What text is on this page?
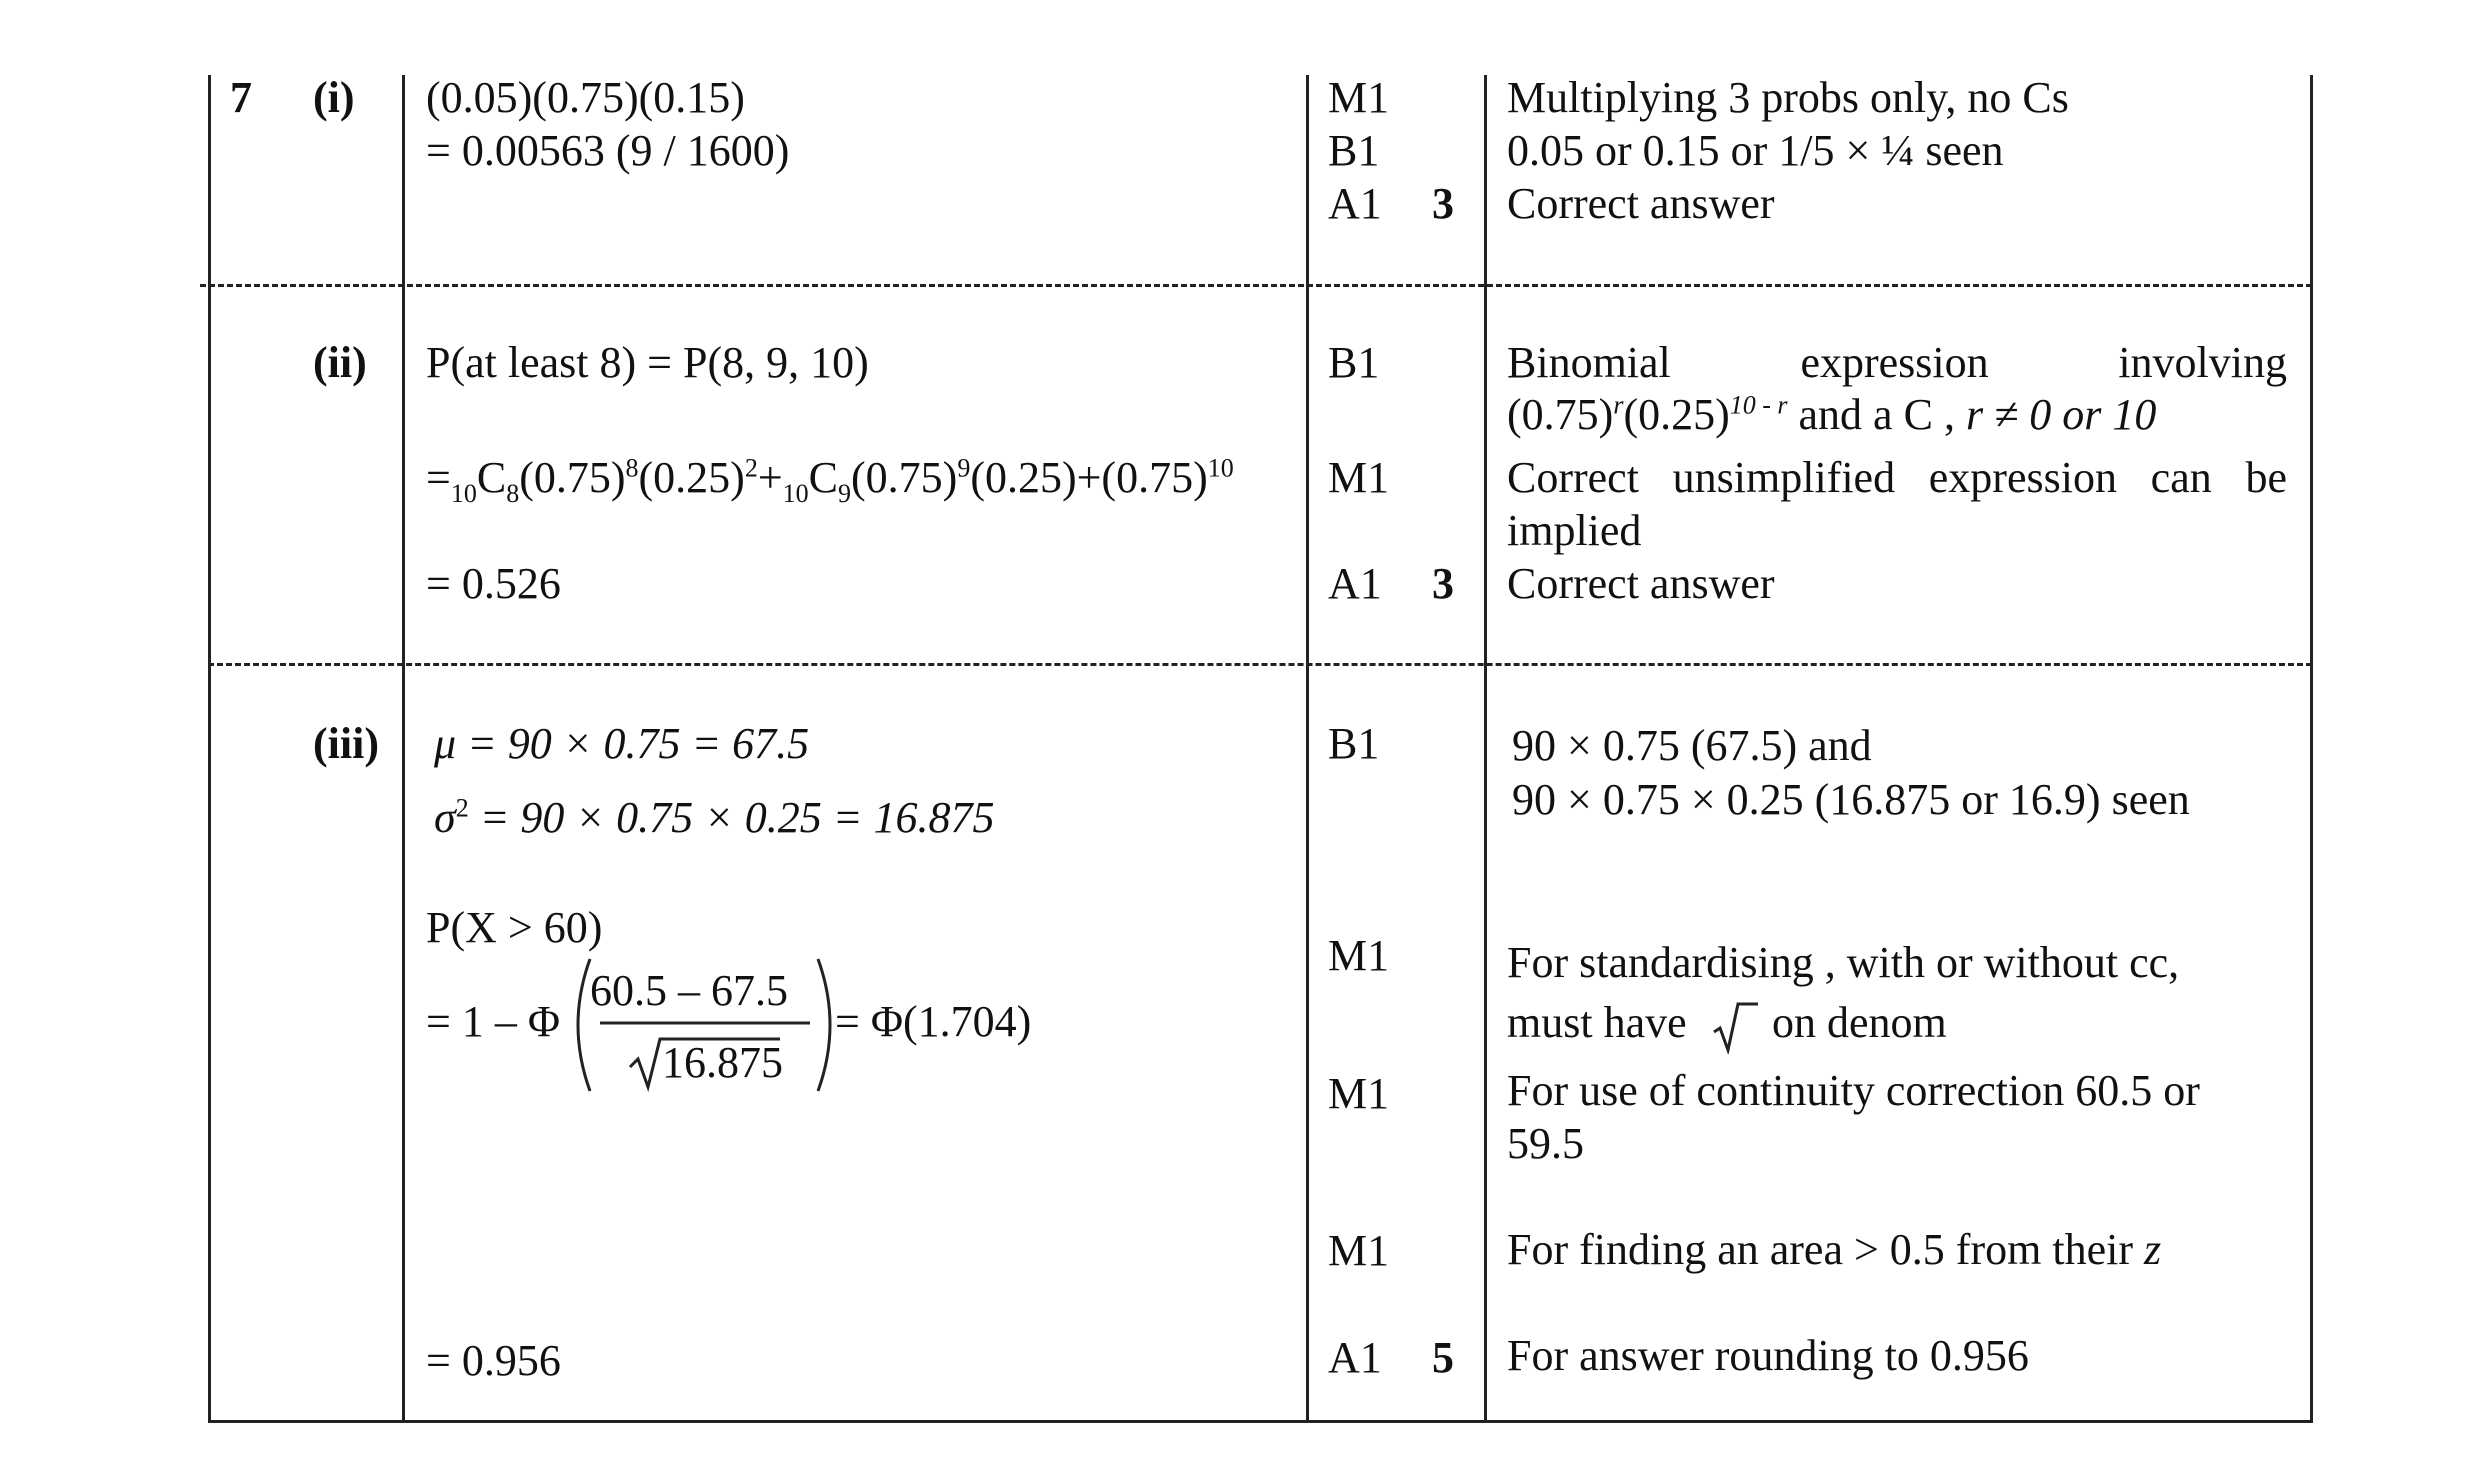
7 (i) (0.05)(0.75)(0.15)
= 0.00563 (9 / 1600)
M1
B1
A1 3
Multiplying 3 probs only, no Cs
0.05 or 0.15 or 1/5 × ¼ seen
Correct answer
(ii) P(at least 8) = P(8, 9, 10)
$=_{10}C_8(0.75)^8(0.25)^2+_{10}C_9(0.75)^9(0.25)+(0.75)^{10}$
= 0.526
B1
M1
A1 3
Binomial	expression	involving
$(0.75)^r(0.25)^{10 - r}$ and a C , r ≠ 0 or 10
Correct unsimplified expression can be
implied
Correct answer
(iii) μ = 90 × 0.75 = 67.5
$\sigma^2 = 90 \times 0.75 \times 0.25 = 16.875$
P(X > 60)
= 1 – Φ
60.5 – 67.5
16.875
= Φ(1.704)
= 0.956
B1
M1
M1
M1
A1 5
90 × 0.75 (67.5) and
90 × 0.75 × 0.25 (16.875 or 16.9) seen
For standardising , with or without cc,
must have on denom
For use of continuity correction 60.5 or
59.5
For finding an area > 0.5 from their z
For answer rounding to 0.956
